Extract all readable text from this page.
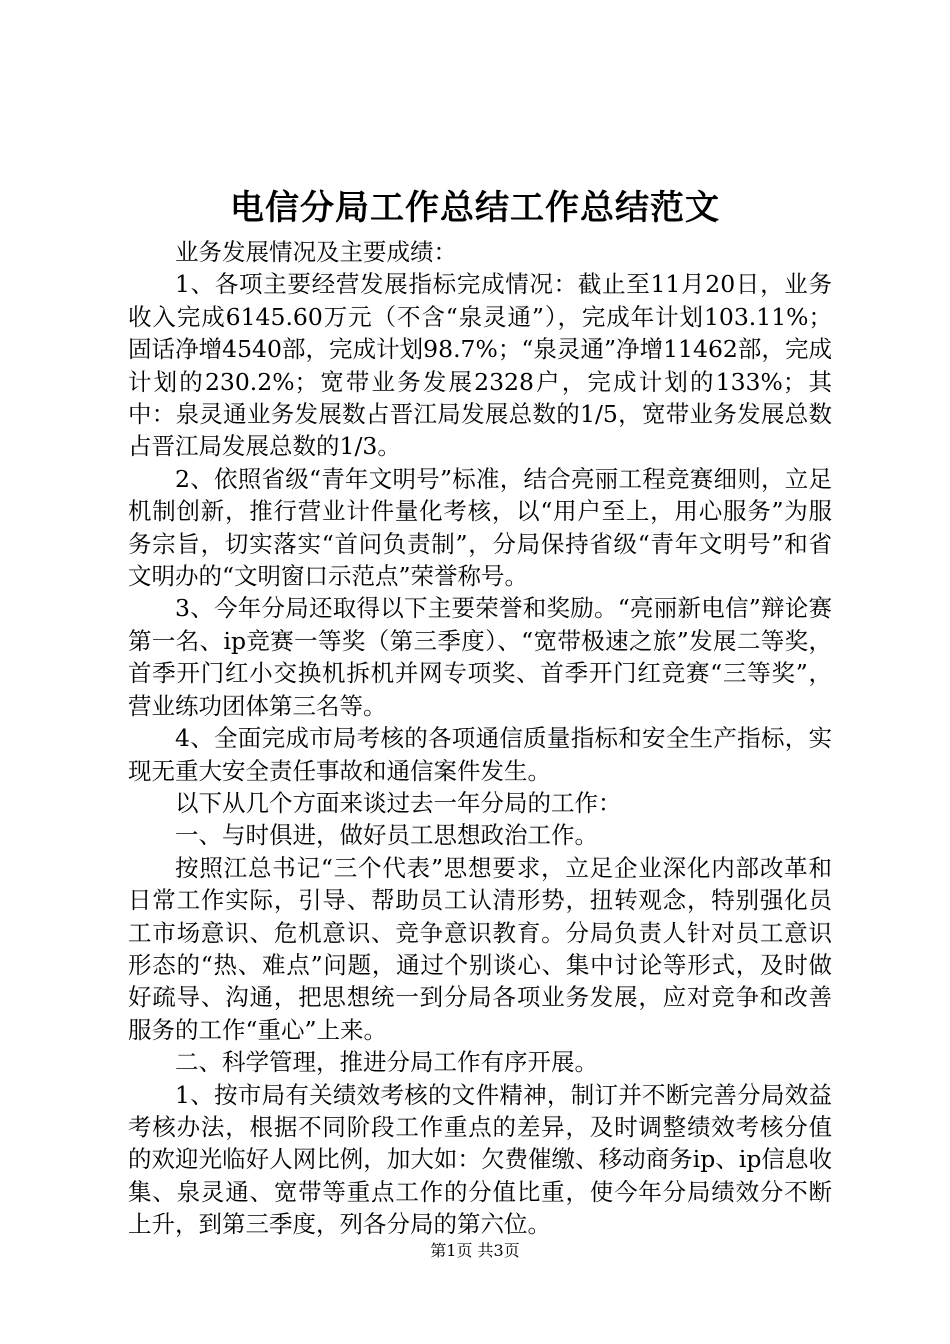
电信分局工作总结工作总结范文

业务发展情况及主要成绩：

1、各项主要经营发展指标完成情况：截止至11月20日，业务收入完成6145.60万元（不含“泉灵通”），完成年计划103.11%；固话净增4540部，完成计划98.7%；“泉灵通”净增11462部，完成计划的230.2%；宽带业务发展2328户，完成计划的133%；其中：泉灵通业务发展数占晋江局发展总数的1/5，宽带业务发展总数占晋江局发展总数的1/3。

2、依照省级“青年文明号”标准，结合亮丽工程竞赛细则，立足机制创新，推行营业计件量化考核，以“用户至上，用心服务”为服务宗旨，切实落实“首问负责制”，分局保持省级“青年文明号”和省文明办的“文明窗口示范点”荣誉称号。

3、今年分局还取得以下主要荣誉和奖励。“亮丽新电信”辩论赛第一名、ip竞赛一等奖（第三季度）、“宽带极速之旅”发展二等奖，首季开门红小交换机拆机并网专项奖、首季开门红竞赛“三等奖”，营业练功团体第三名等。

4、全面完成市局考核的各项通信质量指标和安全生产指标，实现无重大安全责任事故和通信案件发生。

以下从几个方面来谈过去一年分局的工作：

一、与时俱进，做好员工思想政治工作。

按照江总书记“三个代表”思想要求，立足企业深化内部改革和日常工作实际，引导、帮助员工认清形势，扭转观念，特别强化员工市场意识、危机意识、竞争意识教育。分局负责人针对员工意识形态的“热、难点”问题，通过个别谈心、集中讨论等形式，及时做好疏导、沟通，把思想统一到分局各项业务发展，应对竞争和改善服务的工作“重心”上来。

二、科学管理，推进分局工作有序开展。

1、按市局有关绩效考核的文件精神，制订并不断完善分局效益考核办法，根据不同阶段工作重点的差异，及时调整绩效考核分值的欢迎光临好人网比例，加大如：欠费催缴、移动商务ip、ip信息收集、泉灵通、宽带等重点工作的分值比重，使今年分局绩效分不断上升，到第三季度，列各分局的第六位。

第1页 共3页
